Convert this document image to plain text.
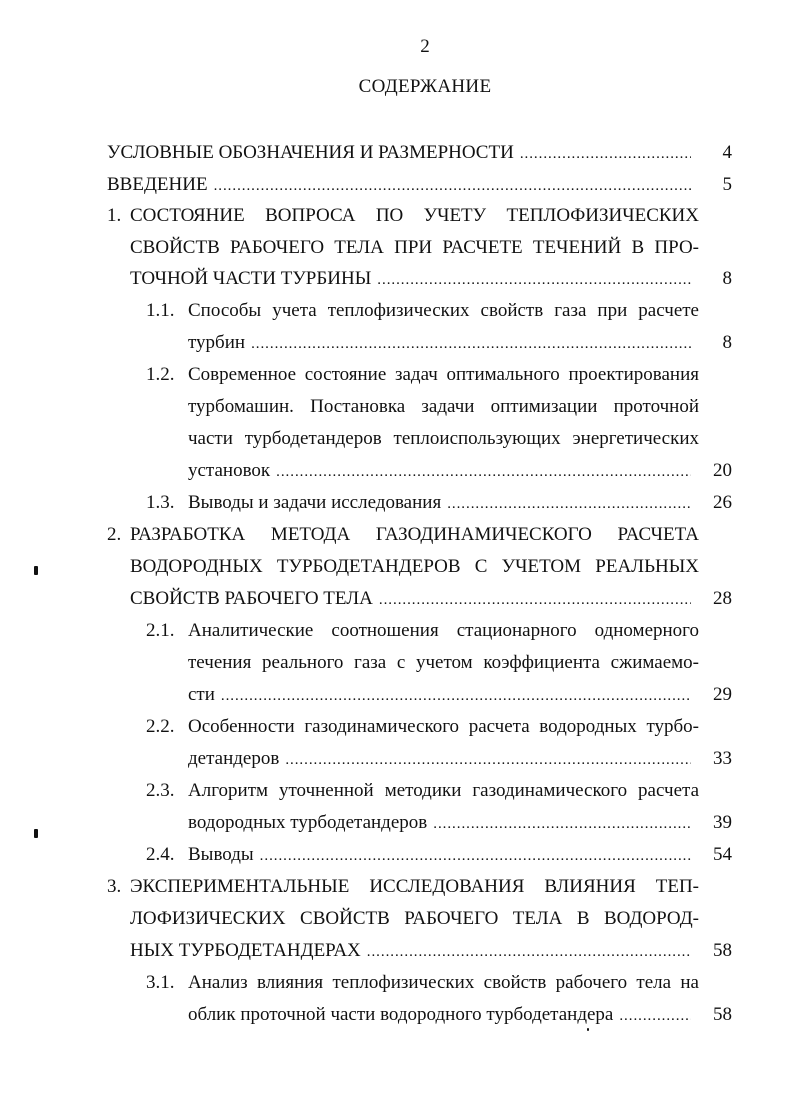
2
СОДЕРЖАНИЕ
УСЛОВНЫЕ ОБОЗНАЧЕНИЯ И РАЗМЕРНОСТИ . . .	4
ВВЕДЕНИЕ . . .	5
1. СОСТОЯНИЕ ВОПРОСА ПО УЧЕТУ ТЕПЛОФИЗИЧЕСКИХ
СВОЙСТВ РАБОЧЕГО ТЕЛА ПРИ РАСЧЕТЕ ТЕЧЕНИЙ В ПРО-
ТОЧНОЙ ЧАСТИ ТУРБИНЫ . . .	8
1.1. Способы учета теплофизических свойств газа при расчете
турбин . . .	8
1.2. Современное состояние задач оптимального проектирования
турбомашин. Постановка задачи оптимизации проточной
части турбодетандеров теплоиспользующих энергетических
установок . . .	20
1.3. Выводы и задачи исследования . . .	26
2. РАЗРАБОТКА МЕТОДА ГАЗОДИНАМИЧЕСКОГО РАСЧЕТА
ВОДОРОДНЫХ ТУРБОДЕТАНДЕРОВ С УЧЕТОМ РЕАЛЬНЫХ
СВОЙСТВ РАБОЧЕГО ТЕЛА . . .	28
2.1. Аналитические соотношения стационарного одномерного
течения реального газа с учетом коэффициента сжимаемо-
сти . . .	29
2.2. Особенности газодинамического расчета водородных турбо-
детандеров . . .	33
2.3. Алгоритм уточненной методики газодинамического расчета
водородных турбодетандеров . . .	39
2.4. Выводы . . .	54
3. ЭКСПЕРИМЕНТАЛЬНЫЕ ИССЛЕДОВАНИЯ ВЛИЯНИЯ ТЕП-
ЛОФИЗИЧЕСКИХ СВОЙСТВ РАБОЧЕГО ТЕЛА В ВОДОРОД-
НЫХ ТУРБОДЕТАНДЕРАХ . . .	58
3.1. Анализ влияния теплофизических свойств рабочего тела на
облик проточной части водородного турбодетандера . . .	58
